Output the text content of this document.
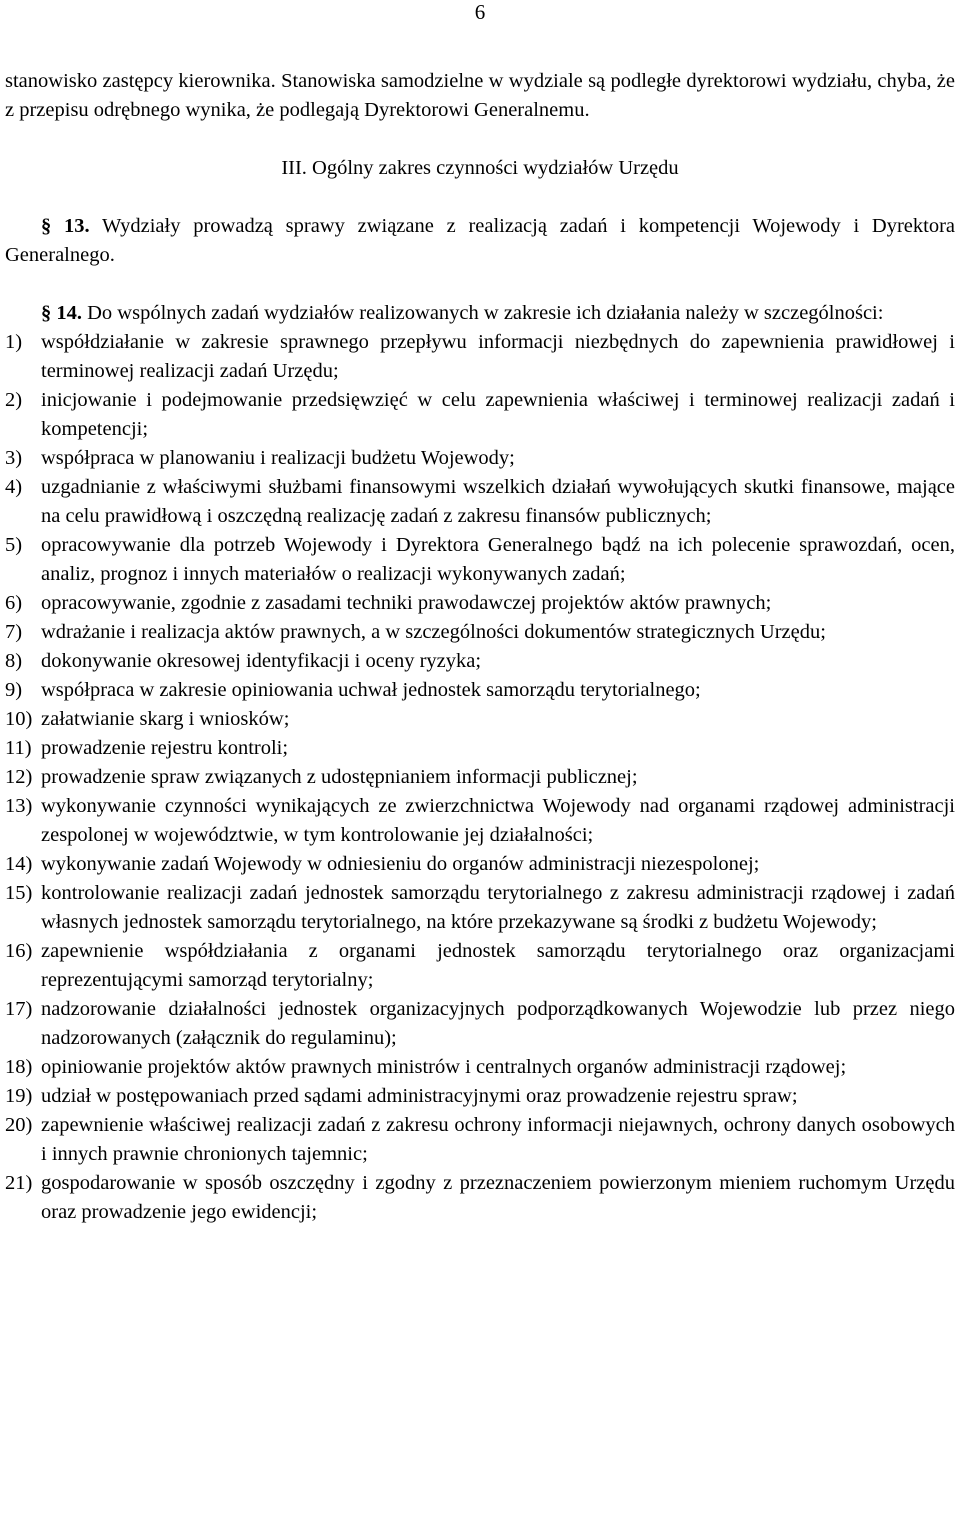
6

stanowisko zastępcy kierownika. Stanowiska samodzielne w wydziale są podległe dyrektorowi wydziału, chyba, że z przepisu odrębnego wynika, że podlegają Dyrektorowi Generalnemu.

III. Ogólny zakres czynności wydziałów Urzędu

§ 13. Wydziały prowadzą sprawy związane z realizacją zadań i kompetencji Wojewody i Dyrektora Generalnego.

§ 14. Do wspólnych zadań wydziałów realizowanych w zakresie ich działania należy w szczególności:

1) współdziałanie w zakresie sprawnego przepływu informacji niezbędnych do zapewnienia prawidłowej i terminowej realizacji zadań Urzędu;
2) inicjowanie i podejmowanie przedsięwzięć w celu zapewnienia właściwej i terminowej realizacji zadań i kompetencji;
3) współpraca w planowaniu i realizacji budżetu Wojewody;
4) uzgadnianie z właściwymi służbami finansowymi wszelkich działań wywołujących skutki finansowe, mające na celu prawidłową i oszczędną realizację zadań z zakresu finansów publicznych;
5) opracowywanie dla potrzeb Wojewody i Dyrektora Generalnego bądź na ich polecenie sprawozdań, ocen, analiz, prognoz i innych materiałów o realizacji wykonywanych zadań;
6) opracowywanie, zgodnie z zasadami techniki prawodawczej projektów aktów prawnych;
7) wdrażanie i realizacja aktów prawnych, a w szczególności dokumentów strategicznych Urzędu;
8) dokonywanie okresowej identyfikacji i oceny ryzyka;
9) współpraca w zakresie opiniowania uchwał jednostek samorządu terytorialnego;
10) załatwianie skarg i wniosków;
11) prowadzenie rejestru kontroli;
12) prowadzenie spraw związanych z udostępnianiem informacji publicznej;
13) wykonywanie czynności wynikających ze zwierzchnictwa Wojewody nad organami rządowej administracji zespolonej w województwie, w tym kontrolowanie jej działalności;
14) wykonywanie zadań Wojewody w odniesieniu do organów administracji niezespolonej;
15) kontrolowanie realizacji zadań jednostek samorządu terytorialnego z zakresu administracji rządowej i zadań własnych jednostek samorządu terytorialnego, na które przekazywane są środki z budżetu Wojewody;
16) zapewnienie współdziałania z organami jednostek samorządu terytorialnego oraz organizacjami reprezentującymi samorząd terytorialny;
17) nadzorowanie działalności jednostek organizacyjnych podporządkowanych Wojewodzie lub przez niego nadzorowanych (załącznik do regulaminu);
18) opiniowanie projektów aktów prawnych ministrów i centralnych organów administracji rządowej;
19) udział w postępowaniach przed sądami administracyjnymi oraz prowadzenie rejestru spraw;
20) zapewnienie właściwej realizacji zadań z zakresu ochrony informacji niejawnych, ochrony danych osobowych i innych prawnie chronionych tajemnic;
21) gospodarowanie w sposób oszczędny i zgodny z przeznaczeniem powierzonym mieniem ruchomym Urzędu oraz prowadzenie jego ewidencji;
